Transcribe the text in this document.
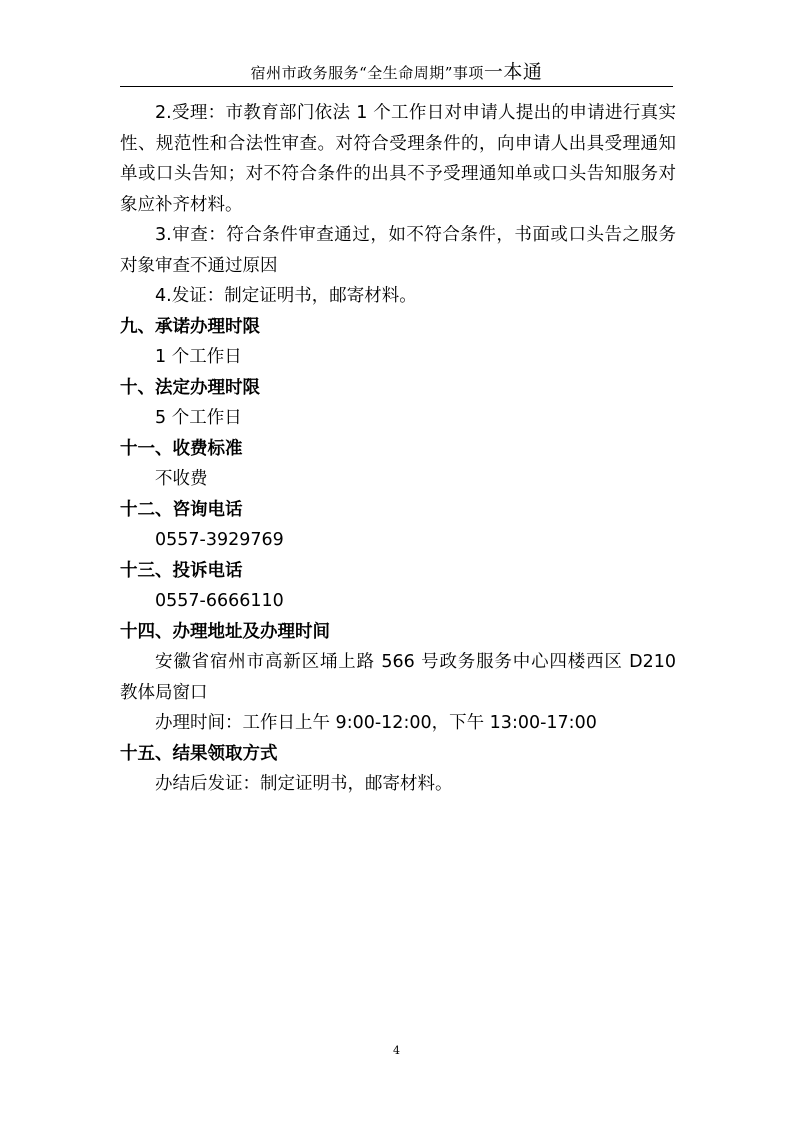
宿州市政务服务“全生命周期”事项一本通

2.受理：市教育部门依法 1 个工作日对申请人提出的申请进行真实性、规范性和合法性审查。对符合受理条件的，向申请人出具受理通知单或口头告知；对不符合条件的出具不予受理通知单或口头告知服务对象应补齐材料。

3.审查：符合条件审查通过，如不符合条件，书面或口头告之服务对象审查不通过原因

4.发证：制定证明书，邮寄材料。

九、承诺办理时限

1 个工作日

十、法定办理时限

5 个工作日

十一、收费标准

不收费

十二、咨询电话

0557-3929769

十三、投诉电话

0557-6666110

十四、办理地址及办理时间

安徽省宿州市高新区埇上路 566 号政务服务中心四楼西区 D210 教体局窗口

办理时间：工作日上午 9:00-12:00，下午 13:00-17:00

十五、结果领取方式

办结后发证：制定证明书，邮寄材料。

4
